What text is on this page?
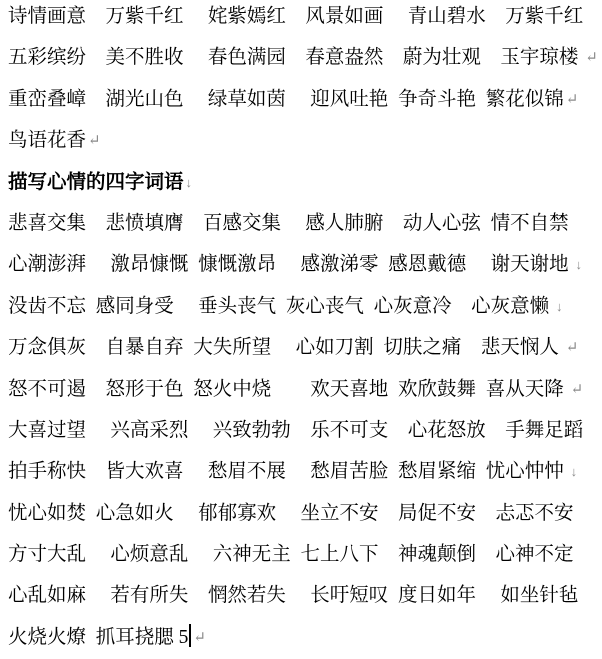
诗情画意　万紫千红　 姹紫嫣红　风景如画　 青山碧水　万紫千红
五彩缤纷　美不胜收　 春色满园　春意盎然　蔚为壮观　玉宇琼楼 ↵
重峦叠嶂　湖光山色　 绿草如茵　 迎风吐艳  争奇斗艳  繁花似锦 ↵
鸟语花香 ↵
描写心情的四字词语 ↓
悲喜交集　悲愤填膺　百感交集　 感人肺腑　动人心弦  情不自禁
心潮澎湃　 激昂慷慨  慷慨激昂　 感激涕零  感恩戴德　 谢天谢地 ↓
没齿不忘  感同身受　 垂头丧气  灰心丧气  心灰意冷　心灰意懒 ↓
万念俱灰　自暴自弃  大失所望　 心如刀割  切肤之痛　悲天悯人 ↵
怒不可遏　怒形于色  怒火中烧　　欢天喜地  欢欣鼓舞  喜从天降 ↵
大喜过望　 兴高采烈　 兴致勃勃　乐不可支　心花怒放　手舞足蹈
拍手称快　皆大欢喜　 愁眉不展　 愁眉苦脸  愁眉紧缩  忧心忡忡 ↓
忧心如焚  心急如火　 郁郁寡欢　 坐立不安　局促不安　忐忑不安
方寸大乱　 心烦意乱　 六神无主  七上八下　神魂颠倒　心神不定
心乱如麻　 若有所失　惘然若失　 长吁短叹  度日如年　 如坐针毡
火烧火燎  抓耳挠腮 5 ↵
